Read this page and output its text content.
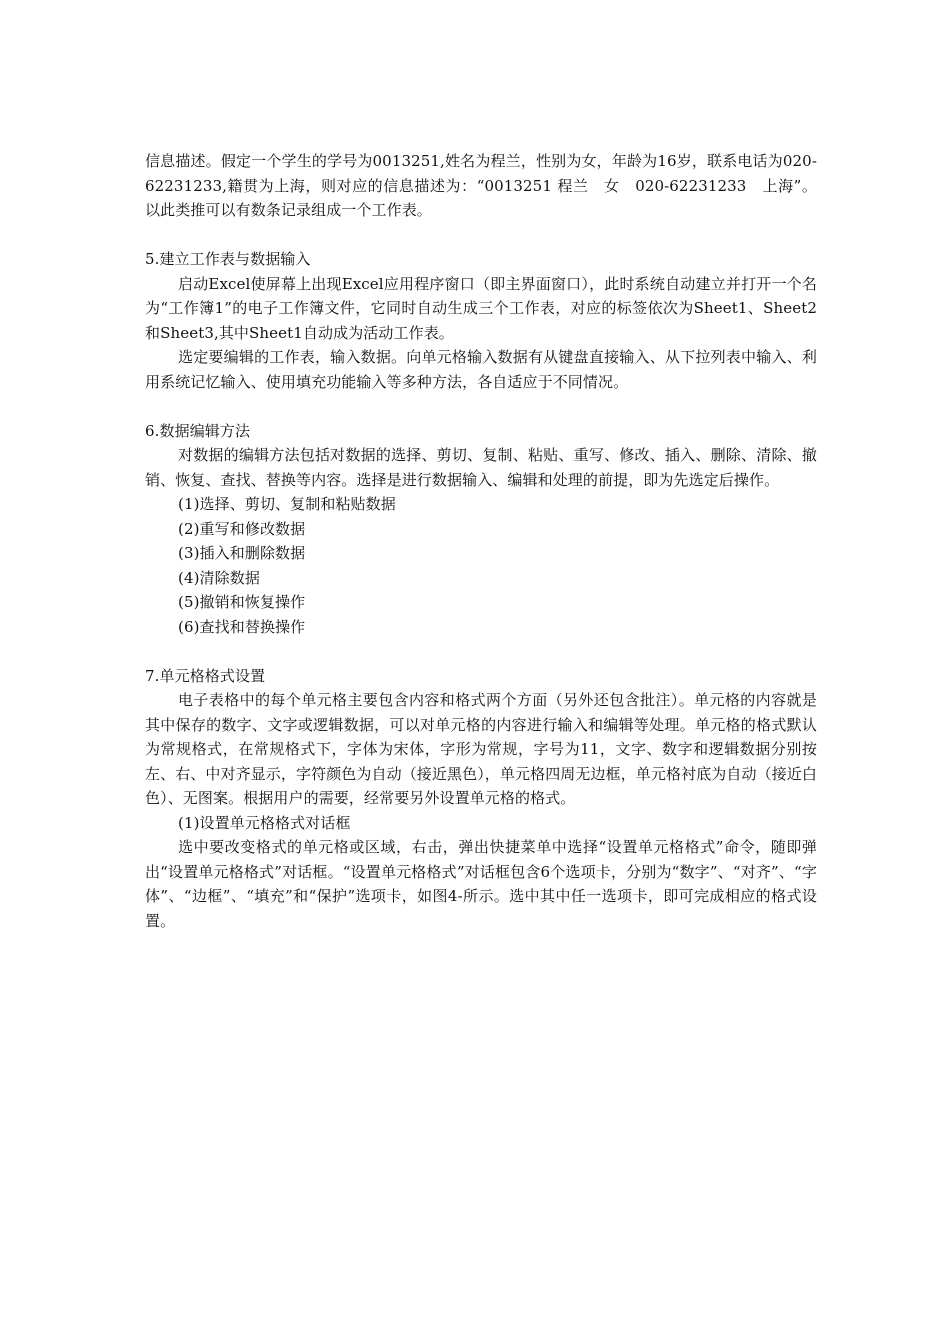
信息描述。假定一个学生的学号为0013251,姓名为程兰，性别为女，年龄为16岁，联系电话为020-62231233,籍贯为上海，则对应的信息描述为：“0013251 程兰　女　020-62231233　上海”。以此类推可以有数条记录组成一个工作表。

5.建立工作表与数据输入

启动Excel使屏幕上出现Excel应用程序窗口（即主界面窗口），此时系统自动建立并打开一个名为“工作簿1”的电子工作簿文件，它同时自动生成三个工作表，对应的标签依次为Sheet1、Sheet2和Sheet3,其中Sheet1自动成为活动工作表。

选定要编辑的工作表，输入数据。向单元格输入数据有从键盘直接输入、从下拉列表中输入、利用系统记忆输入、使用填充功能输入等多种方法，各自适应于不同情况。

6.数据编辑方法

对数据的编辑方法包括对数据的选择、剪切、复制、粘贴、重写、修改、插入、删除、清除、撤销、恢复、查找、替换等内容。选择是进行数据输入、编辑和处理的前提，即为先选定后操作。

(1)选择、剪切、复制和粘贴数据

(2)重写和修改数据

(3)插入和删除数据

(4)清除数据

(5)撤销和恢复操作

(6)查找和替换操作

7.单元格格式设置

电子表格中的每个单元格主要包含内容和格式两个方面（另外还包含批注）。单元格的内容就是其中保存的数字、文字或逻辑数据，可以对单元格的内容进行输入和编辑等处理。单元格的格式默认为常规格式，在常规格式下，字体为宋体，字形为常规，字号为11，文字、数字和逻辑数据分别按左、右、中对齐显示，字符颜色为自动（接近黑色），单元格四周无边框，单元格衬底为自动（接近白色）、无图案。根据用户的需要，经常要另外设置单元格的格式。

(1)设置单元格格式对话框

选中要改变格式的单元格或区域，右击，弹出快捷菜单中选择“设置单元格格式”命令，随即弹出“设置单元格格式”对话框。“设置单元格格式”对话框包含6个选项卡，分别为“数字”、“对齐”、“字体”、“边框”、“填充”和“保护”选项卡，如图4-所示。选中其中任一选项卡，即可完成相应的格式设置。
